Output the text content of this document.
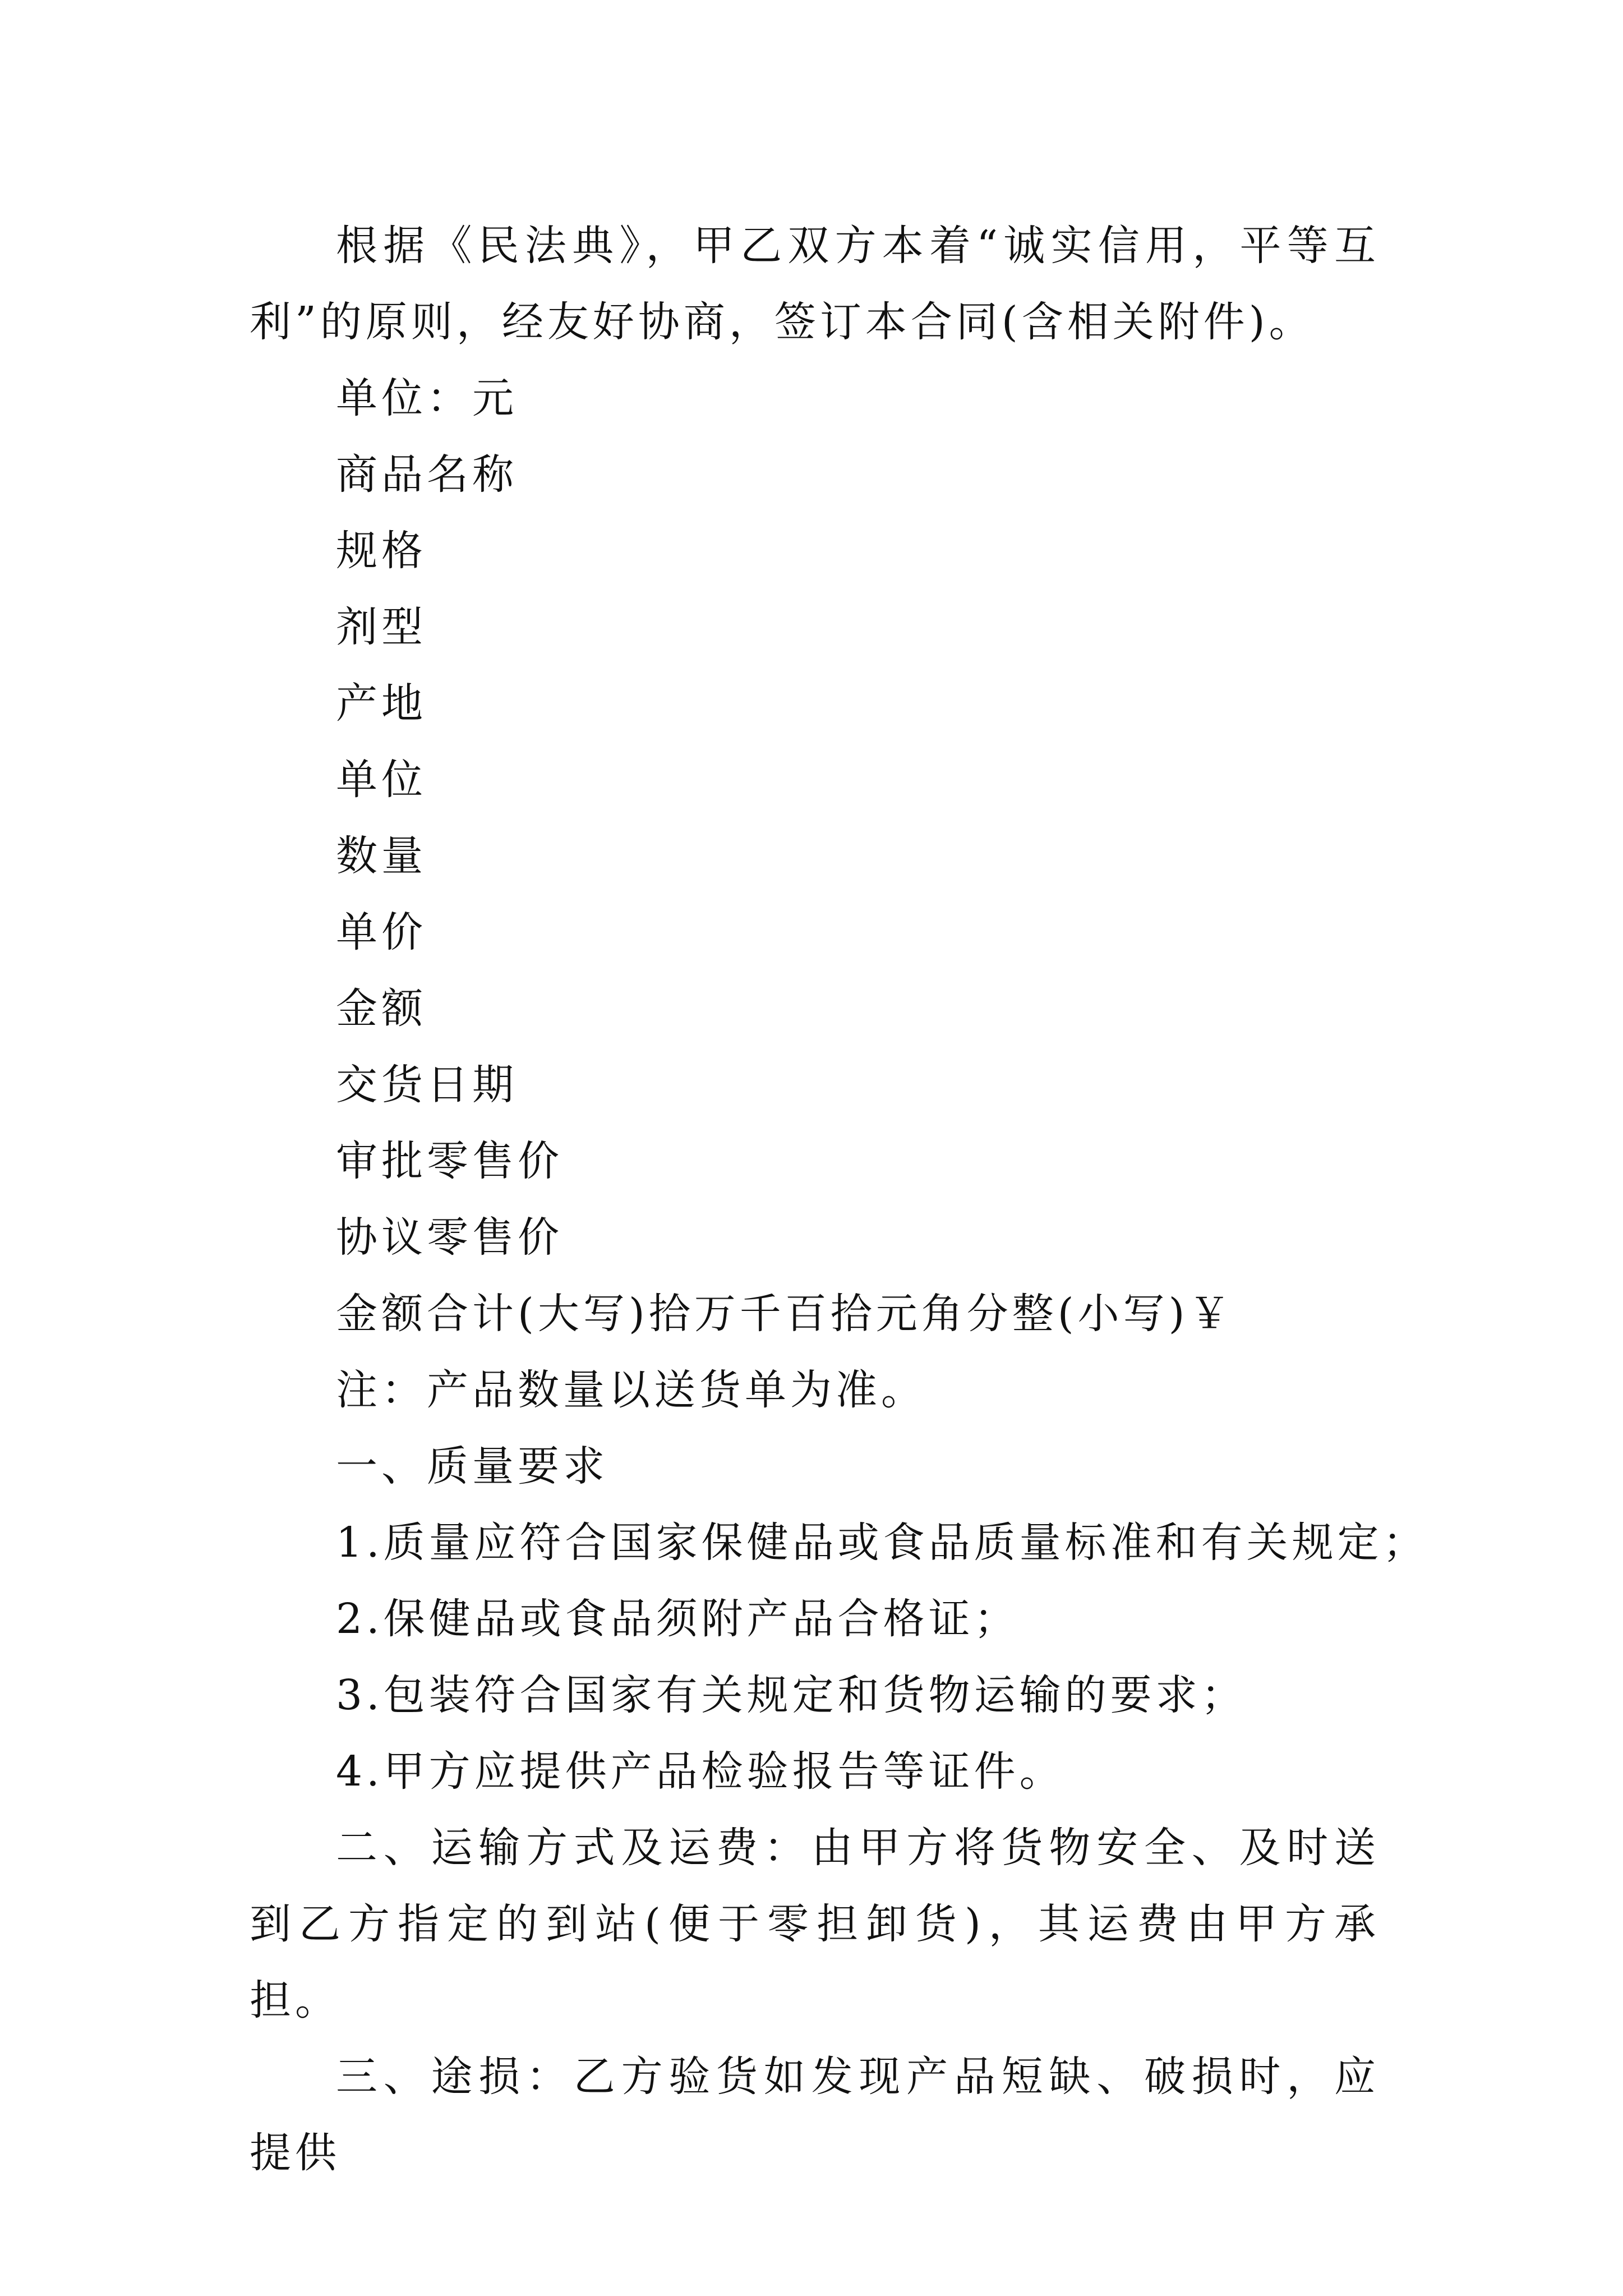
根据《民法典》，甲乙双方本着“诚实信用，平等互利”的原则，经友好协商，签订本合同(含相关附件)。

单位：元

商品名称

规格

剂型

产地

单位

数量

单价

金额

交货日期

审批零售价

协议零售价

金额合计(大写)拾万千百拾元角分整(小写)￥

注：产品数量以送货单为准。

一、质量要求

1.质量应符合国家保健品或食品质量标准和有关规定；

2.保健品或食品须附产品合格证；

3.包装符合国家有关规定和货物运输的要求；

4.甲方应提供产品检验报告等证件。

二、运输方式及运费：由甲方将货物安全、及时送到乙方指定的到站(便于零担卸货)，其运费由甲方承担。

三、途损：乙方验货如发现产品短缺、破损时，应提供
